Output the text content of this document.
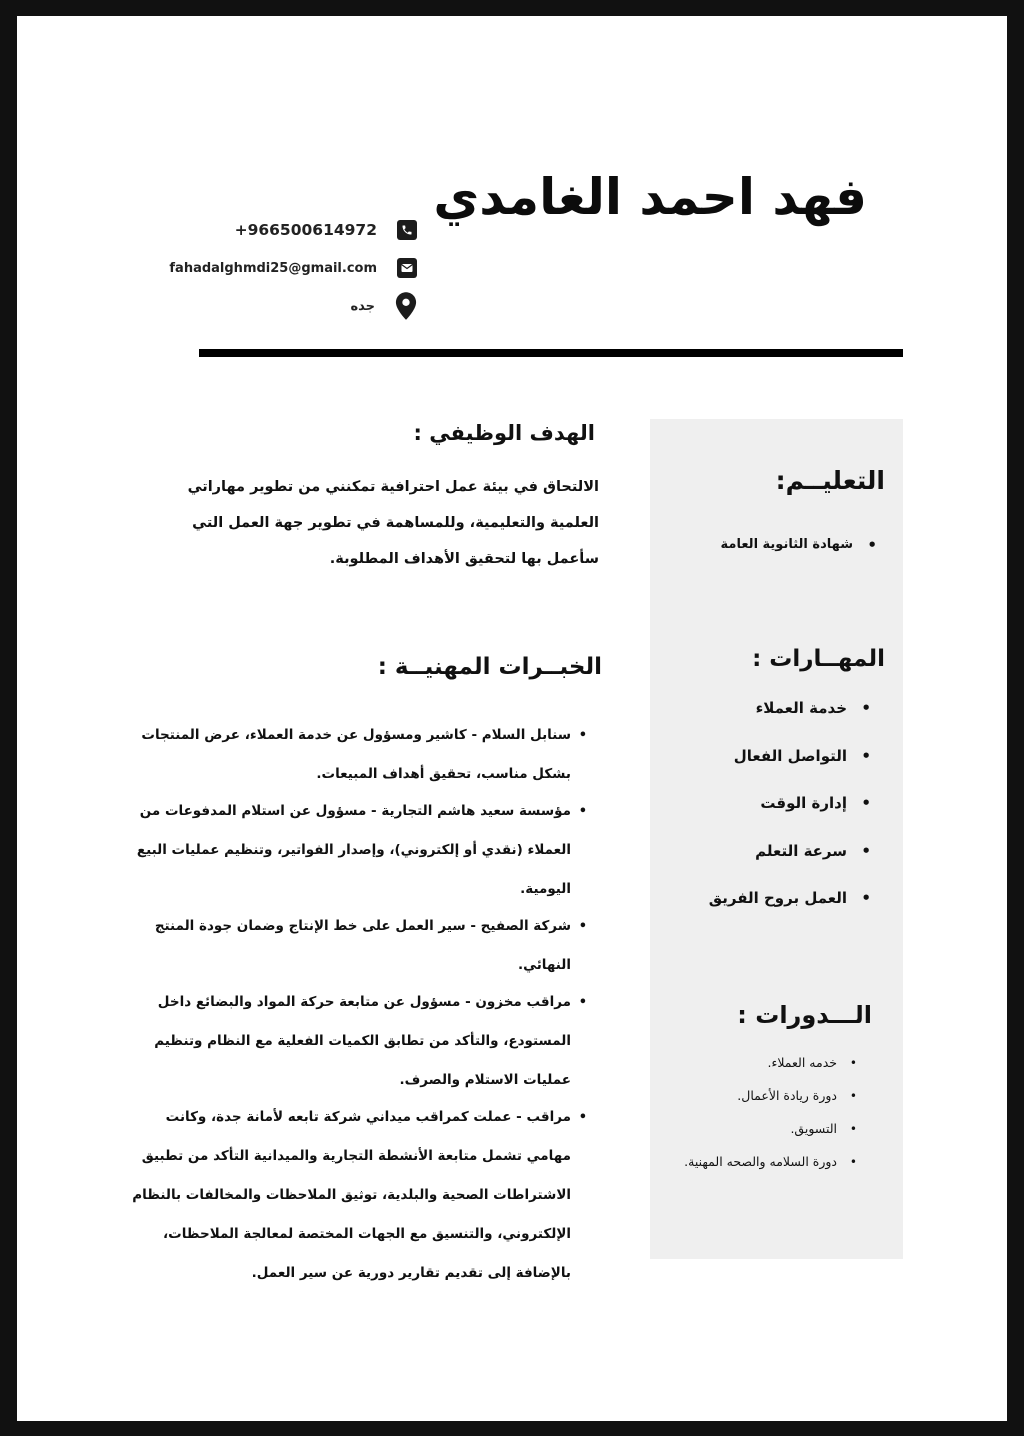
فهد احمد الغامدي
+966500614972
fahadalghmdi25@gmail.com
جده
التعليــم:
شهادة الثانوية العامة •
المهــارات :
خدمة العملاء •
التواصل الفعال •
إدارة الوقت •
سرعة التعلم •
العمل بروح الفريق •
الـــدورات :
خدمه العملاء. •
دورة ريادة الأعمال. •
التسويق. •
دورة السلامه والصحه المهنية. •
الهدف الوظيفي :

الالتحاق في بيئة عمل احترافية تمكنني من تطوير مهاراتي العلمية والتعليمية، وللمساهمة في تطوير جهة العمل التي سأعمل بها لتحقيق الأهداف المطلوبة.

الخبــرات المهنيــة :
سنابل السلام - كاشير ومسؤول عن خدمة العملاء، عرض المنتجات بشكل مناسب، تحقيق أهداف المبيعات. •
مؤسسة سعيد هاشم التجارية - مسؤول عن استلام المدفوعات من العملاء (نقدي أو إلكتروني)، وإصدار الفواتير، وتنظيم عمليات البيع اليومية. •
شركة الصفيح - سير العمل على خط الإنتاج وضمان جودة المنتج النهائي. •
مراقب مخزون - مسؤول عن متابعة حركة المواد والبضائع داخل المستودع، والتأكد من تطابق الكميات الفعلية مع النظام وتنظيم عمليات الاستلام والصرف. •
مراقب - عملت كمراقب ميداني شركة تابعه لأمانة جدة، وكانت مهامي تشمل متابعة الأنشطة التجارية والميدانية التأكد من تطبيق الاشتراطات الصحية والبلدية، توثيق الملاحظات والمخالفات بالنظام الإلكتروني، والتنسيق مع الجهات المختصة لمعالجة الملاحظات، بالإضافة إلى تقديم تقارير دورية عن سير العمل. •
